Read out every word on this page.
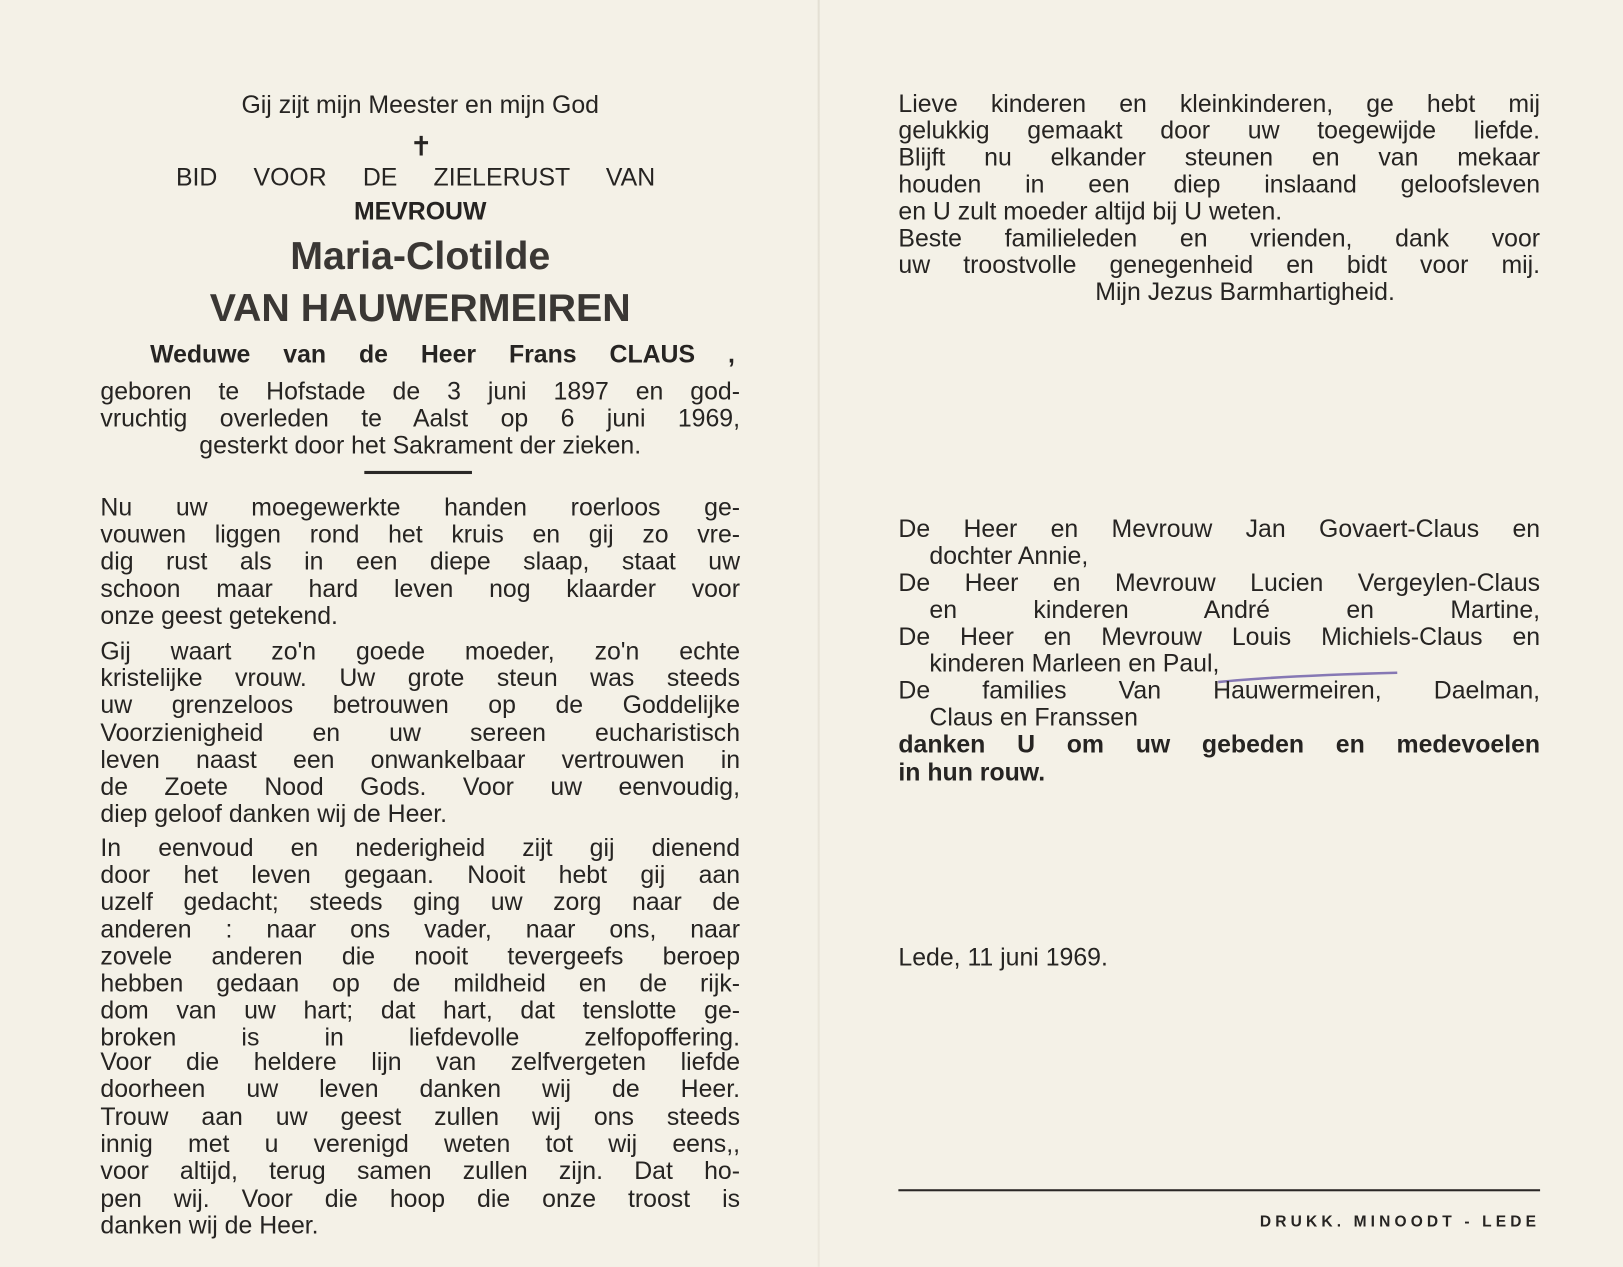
✝
DRUKK. MINOODT - LEDE
Gij zijt mijn Meester en mijn God
BID VOOR DE ZIELERUST VAN
MEVROUW
Maria-Clotilde
VAN HAUWERMEIREN
Weduwe van de Heer Frans CLAUS ,
geboren te Hofstade de 3 juni 1897 en god-
vruchtig overleden te Aalst op 6 juni 1969,
gesterkt door het Sakrament der zieken.
Nu uw moegewerkte handen roerloos ge-
vouwen liggen rond het kruis en gij zo vre-
dig rust als in een diepe slaap, staat uw
schoon maar hard leven nog klaarder voor
onze geest getekend.
Gij waart zo'n goede moeder, zo'n echte
kristelijke vrouw. Uw grote steun was steeds
uw grenzeloos betrouwen op de Goddelijke
Voorzienigheid en uw sereen eucharistisch
leven naast een onwankelbaar vertrouwen in
de Zoete Nood Gods. Voor uw eenvoudig,
diep geloof danken wij de Heer.
In eenvoud en nederigheid zijt gij dienend
door het leven gegaan. Nooit hebt gij aan
uzelf gedacht; steeds ging uw zorg naar de
anderen : naar ons vader, naar ons, naar
zovele anderen die nooit tevergeefs beroep
hebben gedaan op de mildheid en de rijk-
dom van uw hart; dat hart, dat tenslotte ge-
broken is in liefdevolle zelfopoffering.
Voor die heldere lijn van zelfvergeten liefde
doorheen uw leven danken wij de Heer.
Trouw aan uw geest zullen wij ons steeds
innig met u verenigd weten tot wij eens,,
voor altijd, terug samen zullen zijn. Dat ho-
pen wij. Voor die hoop die onze troost is
danken wij de Heer.
Lieve kinderen en kleinkinderen, ge hebt mij
gelukkig gemaakt door uw toegewijde liefde.
Blijft nu elkander steunen en van mekaar
houden in een diep inslaand geloofsleven
en U zult moeder altijd bij U weten.
Beste familieleden en vrienden, dank voor
uw troostvolle genegenheid en bidt voor mij.
Mijn Jezus Barmhartigheid.
De Heer en Mevrouw Jan Govaert-Claus en
dochter Annie,
De Heer en Mevrouw Lucien Vergeylen-Claus
en kinderen André en Martine,
De Heer en Mevrouw Louis Michiels-Claus en
kinderen Marleen en Paul,
De families Van Hauwermeiren, Daelman,
Claus en Franssen
danken U om uw gebeden en medevoelen
in hun rouw.
Lede, 11 juni 1969.
